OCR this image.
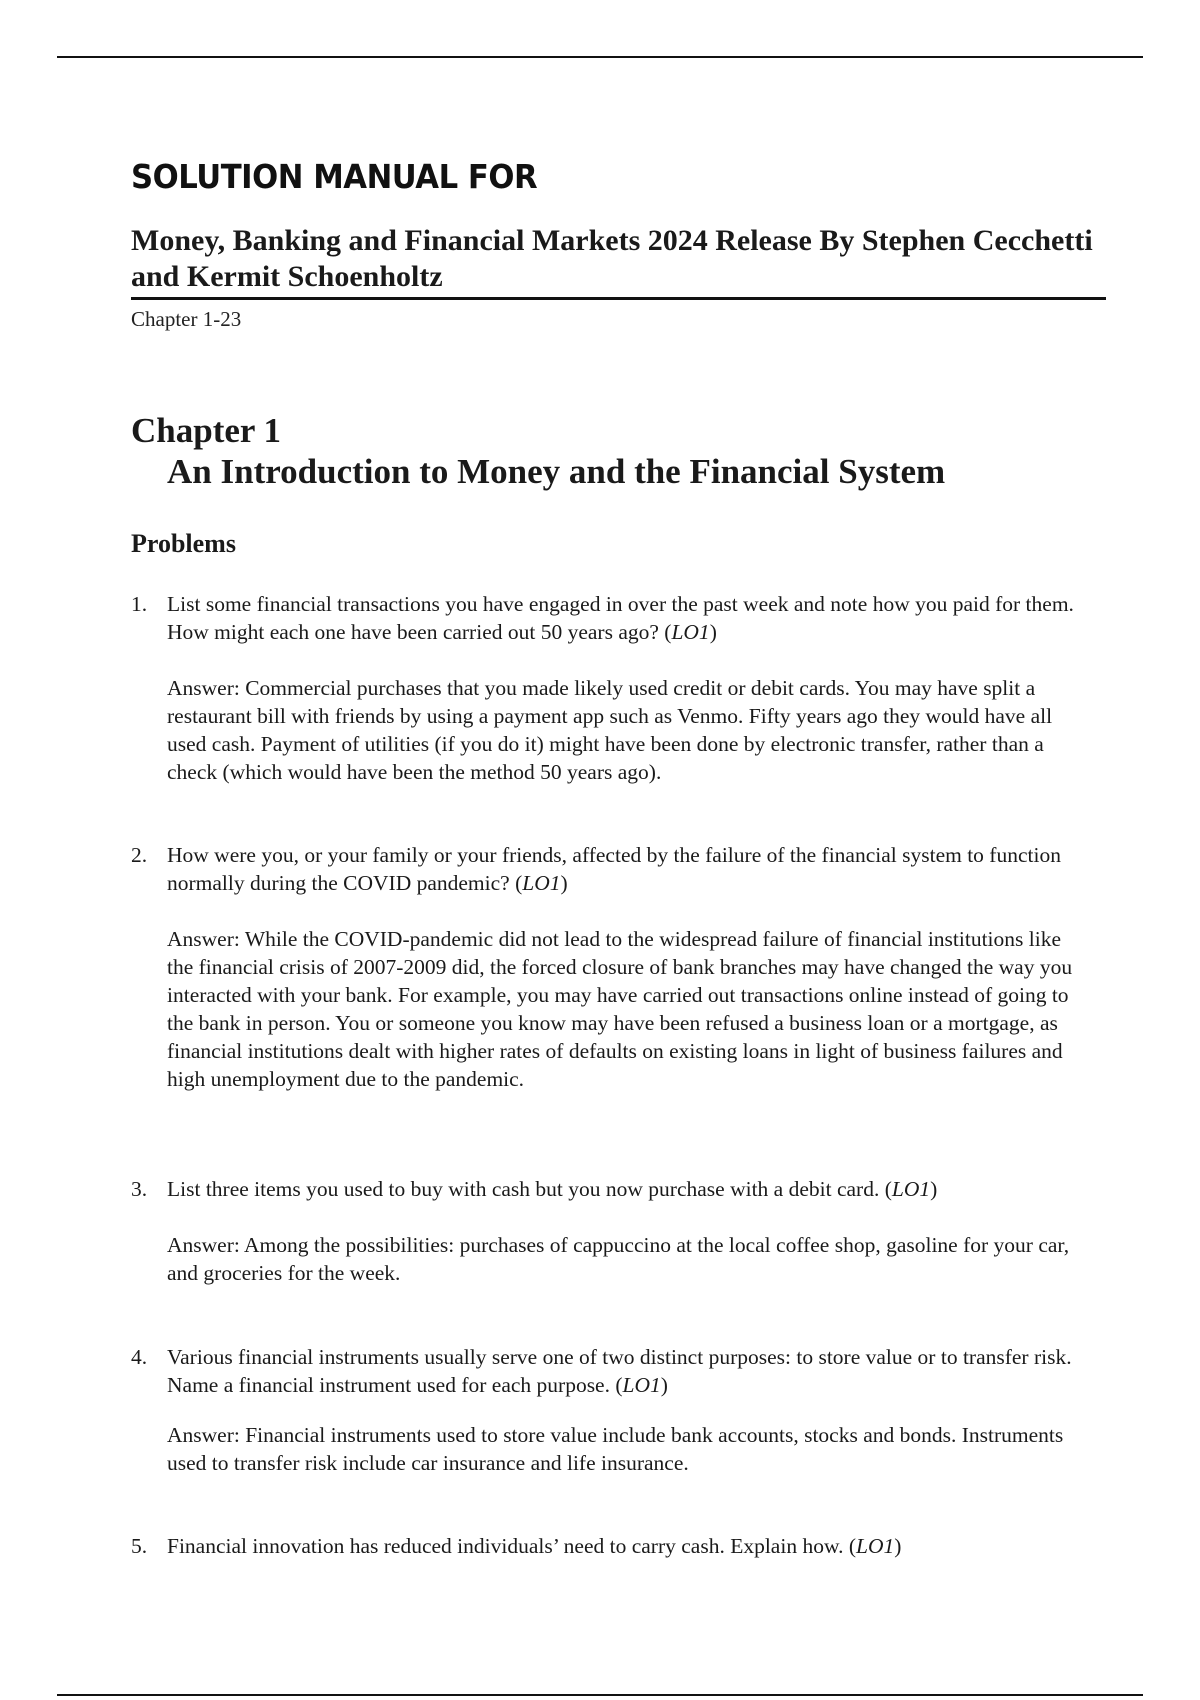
SOLUTION MANUAL FOR
Money, Banking and Financial Markets 2024 Release By Stephen Cecchetti and Kermit Schoenholtz
Chapter 1-23
Chapter 1
An Introduction to Money and the Financial System
Problems
1. List some financial transactions you have engaged in over the past week and note how you paid for them. How might each one have been carried out 50 years ago? (LO1)
Answer: Commercial purchases that you made likely used credit or debit cards. You may have split a restaurant bill with friends by using a payment app such as Venmo. Fifty years ago they would have all used cash. Payment of utilities (if you do it) might have been done by electronic transfer, rather than a check (which would have been the method 50 years ago).
2. How were you, or your family or your friends, affected by the failure of the financial system to function normally during the COVID pandemic? (LO1)
Answer: While the COVID-pandemic did not lead to the widespread failure of financial institutions like the financial crisis of 2007-2009 did, the forced closure of bank branches may have changed the way you interacted with your bank. For example, you may have carried out transactions online instead of going to the bank in person. You or someone you know may have been refused a business loan or a mortgage, as financial institutions dealt with higher rates of defaults on existing loans in light of business failures and high unemployment due to the pandemic.
3. List three items you used to buy with cash but you now purchase with a debit card. (LO1)
Answer: Among the possibilities: purchases of cappuccino at the local coffee shop, gasoline for your car, and groceries for the week.
4. Various financial instruments usually serve one of two distinct purposes: to store value or to transfer risk. Name a financial instrument used for each purpose. (LO1)
Answer: Financial instruments used to store value include bank accounts, stocks and bonds. Instruments used to transfer risk include car insurance and life insurance.
5. Financial innovation has reduced individuals’ need to carry cash. Explain how. (LO1)
